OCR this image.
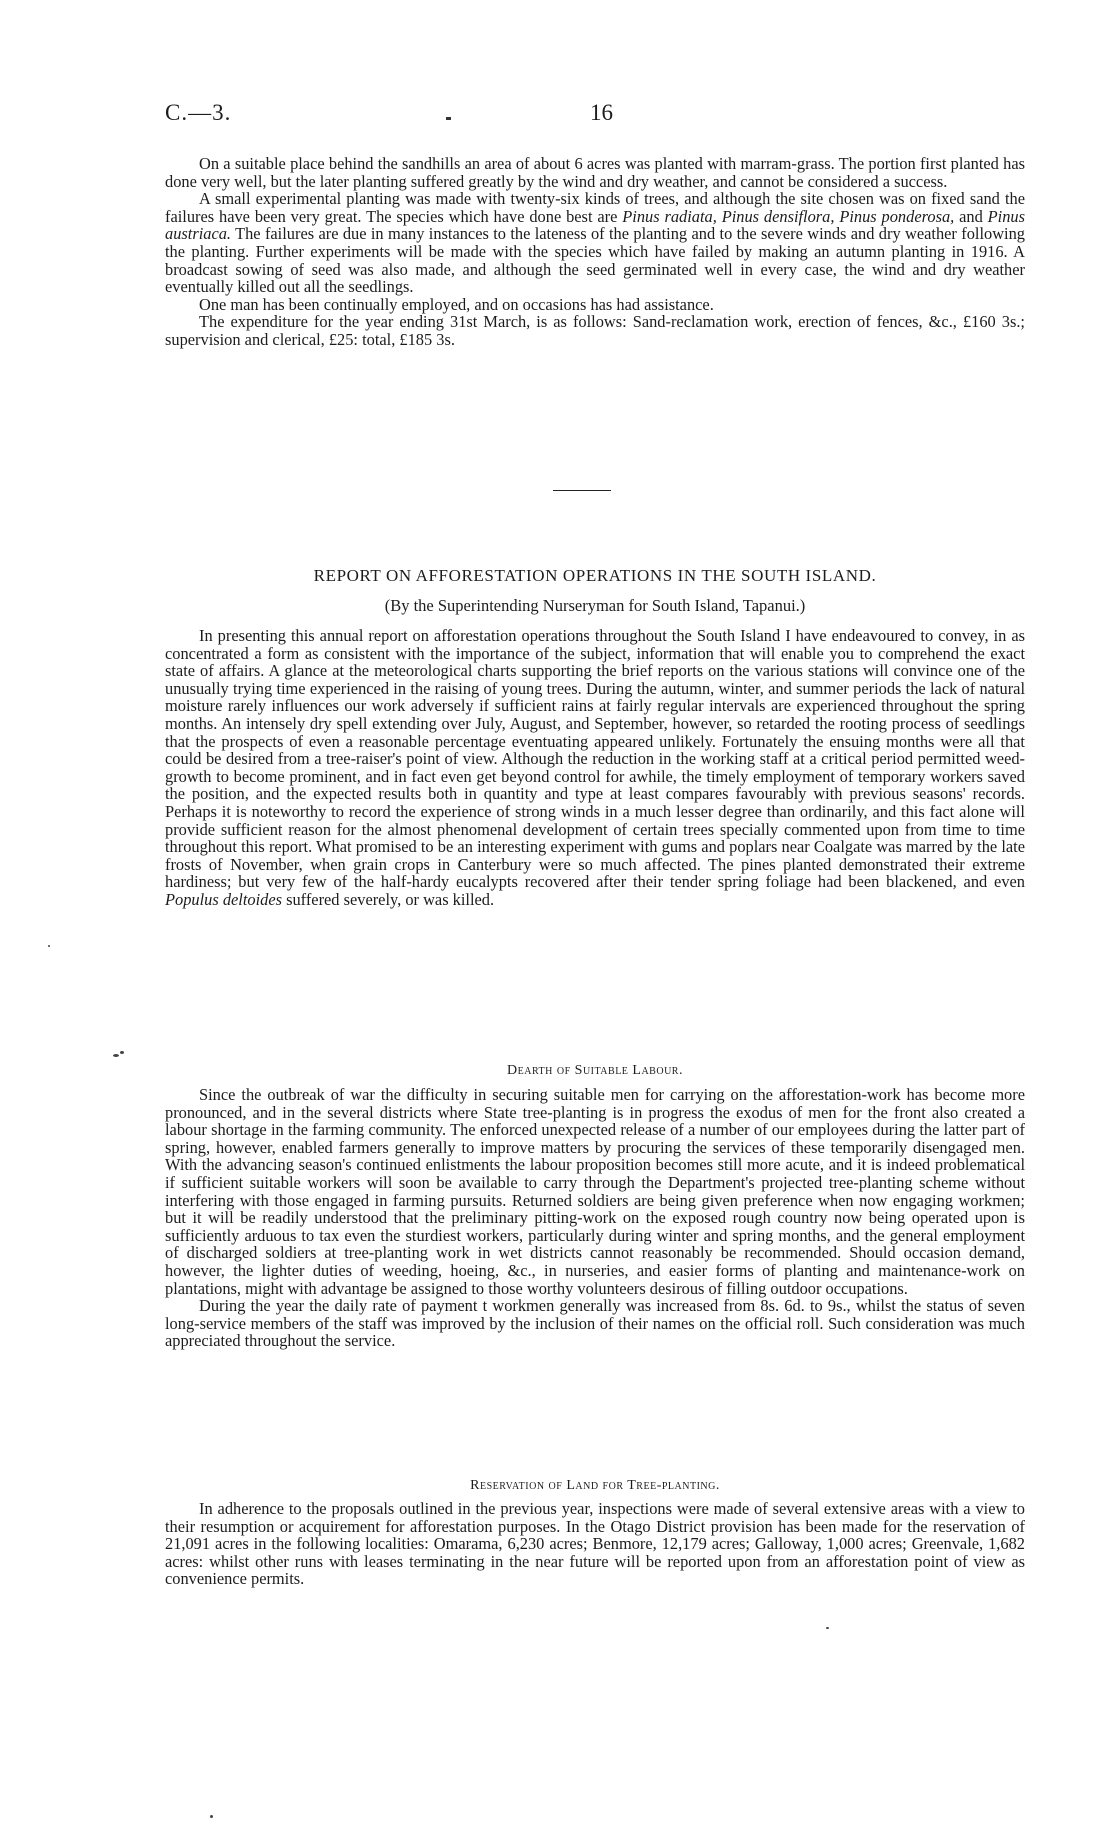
C.—3.	16

On a suitable place behind the sandhills an area of about 6 acres was planted with marram-grass. The portion first planted has done very well, but the later planting suffered greatly by the wind and dry weather, and cannot be considered a success.

A small experimental planting was made with twenty-six kinds of trees, and although the site chosen was on fixed sand the failures have been very great. The species which have done best are Pinus radiata, Pinus densiflora, Pinus ponderosa, and Pinus austriaca. The failures are due in many instances to the lateness of the planting and to the severe winds and dry weather following the planting. Further experiments will be made with the species which have failed by making an autumn planting in 1916. A broadcast sowing of seed was also made, and although the seed germinated well in every case, the wind and dry weather eventually killed out all the seedlings.

One man has been continually employed, and on occasions has had assistance.

The expenditure for the year ending 31st March, is as follows: Sand-reclamation work, erection of fences, &c., £160 3s.; supervision and clerical, £25: total, £185 3s.

REPORT ON AFFORESTATION OPERATIONS IN THE SOUTH ISLAND.
(By the Superintending Nurseryman for South Island, Tapanui.)

In presenting this annual report on afforestation operations throughout the South Island I have endeavoured to convey, in as concentrated a form as consistent with the importance of the subject, information that will enable you to comprehend the exact state of affairs. A glance at the meteorological charts supporting the brief reports on the various stations will convince one of the unusually trying time experienced in the raising of young trees. During the autumn, winter, and summer periods the lack of natural moisture rarely influences our work adversely if sufficient rains at fairly regular intervals are experienced throughout the spring months. An intensely dry spell extending over July, August, and September, however, so retarded the rooting process of seedlings that the prospects of even a reasonable percentage eventuating appeared unlikely. Fortunately the ensuing months were all that could be desired from a tree-raiser's point of view. Although the reduction in the working staff at a critical period permitted weed-growth to become prominent, and in fact even get beyond control for awhile, the timely employment of temporary workers saved the position, and the expected results both in quantity and type at least compares favourably with previous seasons' records. Perhaps it is noteworthy to record the experience of strong winds in a much lesser degree than ordinarily, and this fact alone will provide sufficient reason for the almost phenomenal development of certain trees specially commented upon from time to time throughout this report. What promised to be an interesting experiment with gums and poplars near Coalgate was marred by the late frosts of November, when grain crops in Canterbury were so much affected. The pines planted demonstrated their extreme hardiness; but very few of the half-hardy eucalypts recovered after their tender spring foliage had been blackened, and even Populus deltoides suffered severely, or was killed.

Dearth of Suitable Labour.

Since the outbreak of war the difficulty in securing suitable men for carrying on the afforestation-work has become more pronounced, and in the several districts where State tree-planting is in progress the exodus of men for the front also created a labour shortage in the farming community. The enforced unexpected release of a number of our employees during the latter part of spring, however, enabled farmers generally to improve matters by procuring the services of these temporarily disengaged men. With the advancing season's continued enlistments the labour proposition becomes still more acute, and it is indeed problematical if sufficient suitable workers will soon be available to carry through the Department's projected tree-planting scheme without interfering with those engaged in farming pursuits. Returned soldiers are being given preference when now engaging workmen; but it will be readily understood that the preliminary pitting-work on the exposed rough country now being operated upon is sufficiently arduous to tax even the sturdiest workers, particularly during winter and spring months, and the general employment of discharged soldiers at tree-planting work in wet districts cannot reasonably be recommended. Should occasion demand, however, the lighter duties of weeding, hoeing, &c., in nurseries, and easier forms of planting and maintenance-work on plantations, might with advantage be assigned to those worthy volunteers desirous of filling outdoor occupations.

During the year the daily rate of payment t workmen generally was increased from 8s. 6d. to 9s., whilst the status of seven long-service members of the staff was improved by the inclusion of their names on the official roll. Such consideration was much appreciated throughout the service.

Reservation of Land for Tree-planting.

In adherence to the proposals outlined in the previous year, inspections were made of several extensive areas with a view to their resumption or acquirement for afforestation purposes. In the Otago District provision has been made for the reservation of 21,091 acres in the following localities: Omarama, 6,230 acres; Benmore, 12,179 acres; Galloway, 1,000 acres; Greenvale, 1,682 acres: whilst other runs with leases terminating in the near future will be reported upon from an afforestation point of view as convenience permits.
